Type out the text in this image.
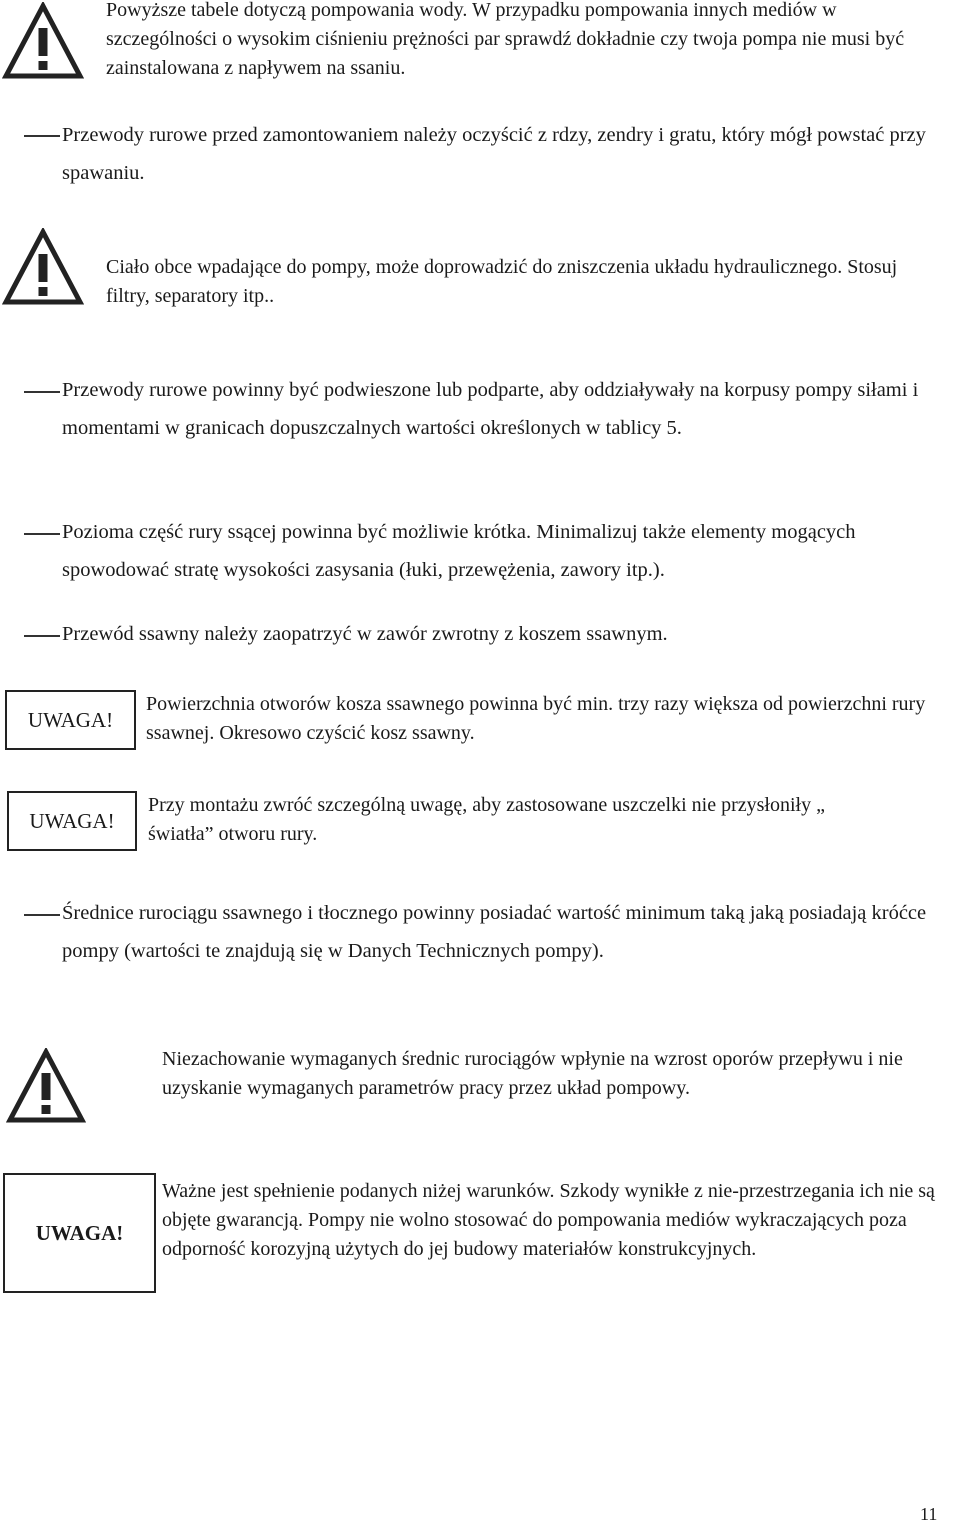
Powyższe tabele dotyczą pompowania wody. W przypadku pompowania innych mediów w szczególności o wysokim ciśnieniu prężności par sprawdź dokładnie czy twoja pompa nie musi być zainstalowana z napływem na ssaniu.
Przewody rurowe przed zamontowaniem należy oczyścić z rdzy, zendry i gratu, który mógł powstać przy spawaniu.
Ciało obce wpadające do pompy, może doprowadzić do zniszczenia układu hydraulicznego. Stosuj filtry, separatory itp..
Przewody rurowe powinny być podwieszone lub podparte, aby oddziaływały na korpusy pompy siłami i momentami w granicach dopuszczalnych wartości określonych w tablicy 5.
Pozioma część rury ssącej powinna być możliwie krótka. Minimalizuj także elementy mogących spowodować stratę wysokości zasysania (łuki, przewężenia, zawory itp.).
Przewód ssawny należy zaopatrzyć w zawór zwrotny z koszem ssawnym.
UWAGA!
Powierzchnia otworów kosza ssawnego powinna być min. trzy razy większa od powierzchni rury ssawnej. Okresowo czyścić kosz ssawny.
UWAGA!
Przy montażu zwróć szczególną uwagę, aby zastosowane uszczelki nie przysłoniły „ światła” otworu rury.
Średnice rurociągu ssawnego i tłocznego powinny posiadać wartość minimum taką jaką posiadają króćce pompy (wartości te znajdują się w Danych Technicznych pompy).
Niezachowanie wymaganych średnic rurociągów wpłynie na wzrost oporów przepływu i nie uzyskanie wymaganych parametrów pracy przez układ pompowy.
UWAGA!
Ważne jest spełnienie podanych niżej warunków. Szkody wynikłe z nie-przestrzegania ich nie są objęte gwarancją. Pompy nie wolno stosować do pompowania mediów wykraczających poza odporność korozyjną użytych do jej budowy materiałów konstrukcyjnych.
11
